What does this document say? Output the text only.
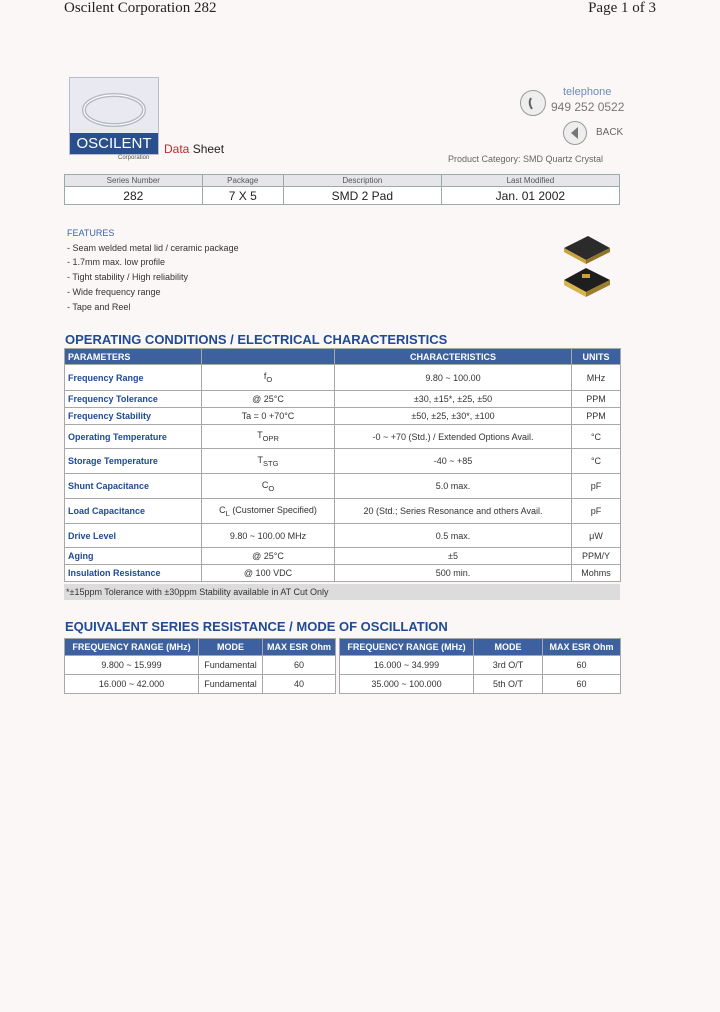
Oscilent Corporation 282	Page 1 of 3
OSCILENT
Corporation
Data Sheet
telephone
949 252 0522
BACK
Product Category: SMD Quartz Crystal
Series Number	Package	Description	Last Modified
282	7 X 5	SMD 2 Pad	Jan. 01 2002
FEATURES
- Seam welded metal lid / ceramic package
- 1.7mm max. low profile
- Tight stability / High reliability
- Wide frequency range
- Tape and Reel
OPERATING CONDITIONS / ELECTRICAL CHARACTERISTICS
PARAMETERS		CHARACTERISTICS	UNITS
Frequency Range	$f_O$	9.80 ~ 100.00	MHz
Frequency Tolerance	@ 25°C	±30, ±15*, ±25, ±50	PPM
Frequency Stability	Ta = 0 +70°C	±50, ±25, ±30*, ±100	PPM
Operating Temperature	$T_{OPR}$	-0 ~ +70 (Std.) / Extended Options Avail.	°C
Storage Temperature	$T_{STG}$	-40 ~ +85	°C
Shunt Capacitance	$C_O$	5.0 max.	pF
Load Capacitance	$C_L$ (Customer Specified)	20 (Std.; Series Resonance and others Avail.	pF
Drive Level	9.80 ~ 100.00 MHz	0.5 max.	μW
Aging	@ 25°C	±5	PPM/Y
Insulation Resistance	@ 100 VDC	500 min.	Mohms
*±15ppm Tolerance with ±30ppm Stability available in AT Cut Only
EQUIVALENT SERIES RESISTANCE / MODE OF OSCILLATION
FREQUENCY RANGE (MHz)	MODE	MAX ESR Ohm
9.800 ~ 15.999	Fundamental	60
16.000 ~ 42.000	Fundamental	40
FREQUENCY RANGE (MHz)	MODE	MAX ESR Ohm
16.000 ~ 34.999	3rd O/T	60
35.000 ~ 100.000	5th O/T	60
